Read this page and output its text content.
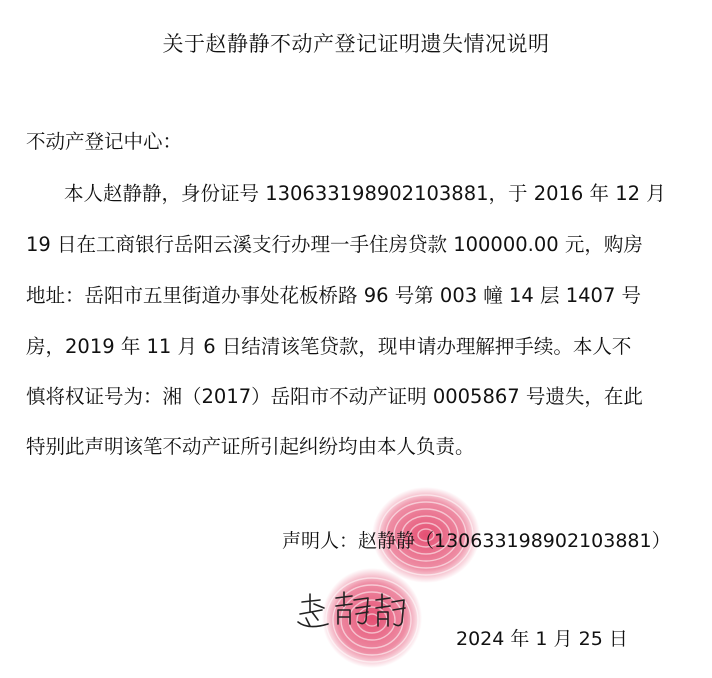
关于赵静静不动产登记证明遗失情况说明
不动产登记中心：
本人赵静静，身份证号 130633198902103881，于 2016 年 12 月
19 日在工商银行岳阳云溪支行办理一手住房贷款 100000.00 元，购房
地址：岳阳市五里街道办事处花板桥路 96 号第 003 幢 14 层 1407 号
房，2019 年 11 月 6 日结清该笔贷款，现申请办理解押手续。本人不
慎将权证号为：湘（2017）岳阳市不动产证明 0005867 号遗失，在此
特别此声明该笔不动产证所引起纠纷均由本人负责。
声明人：赵静静（130633198902103881）
2024 年 1 月 25 日
